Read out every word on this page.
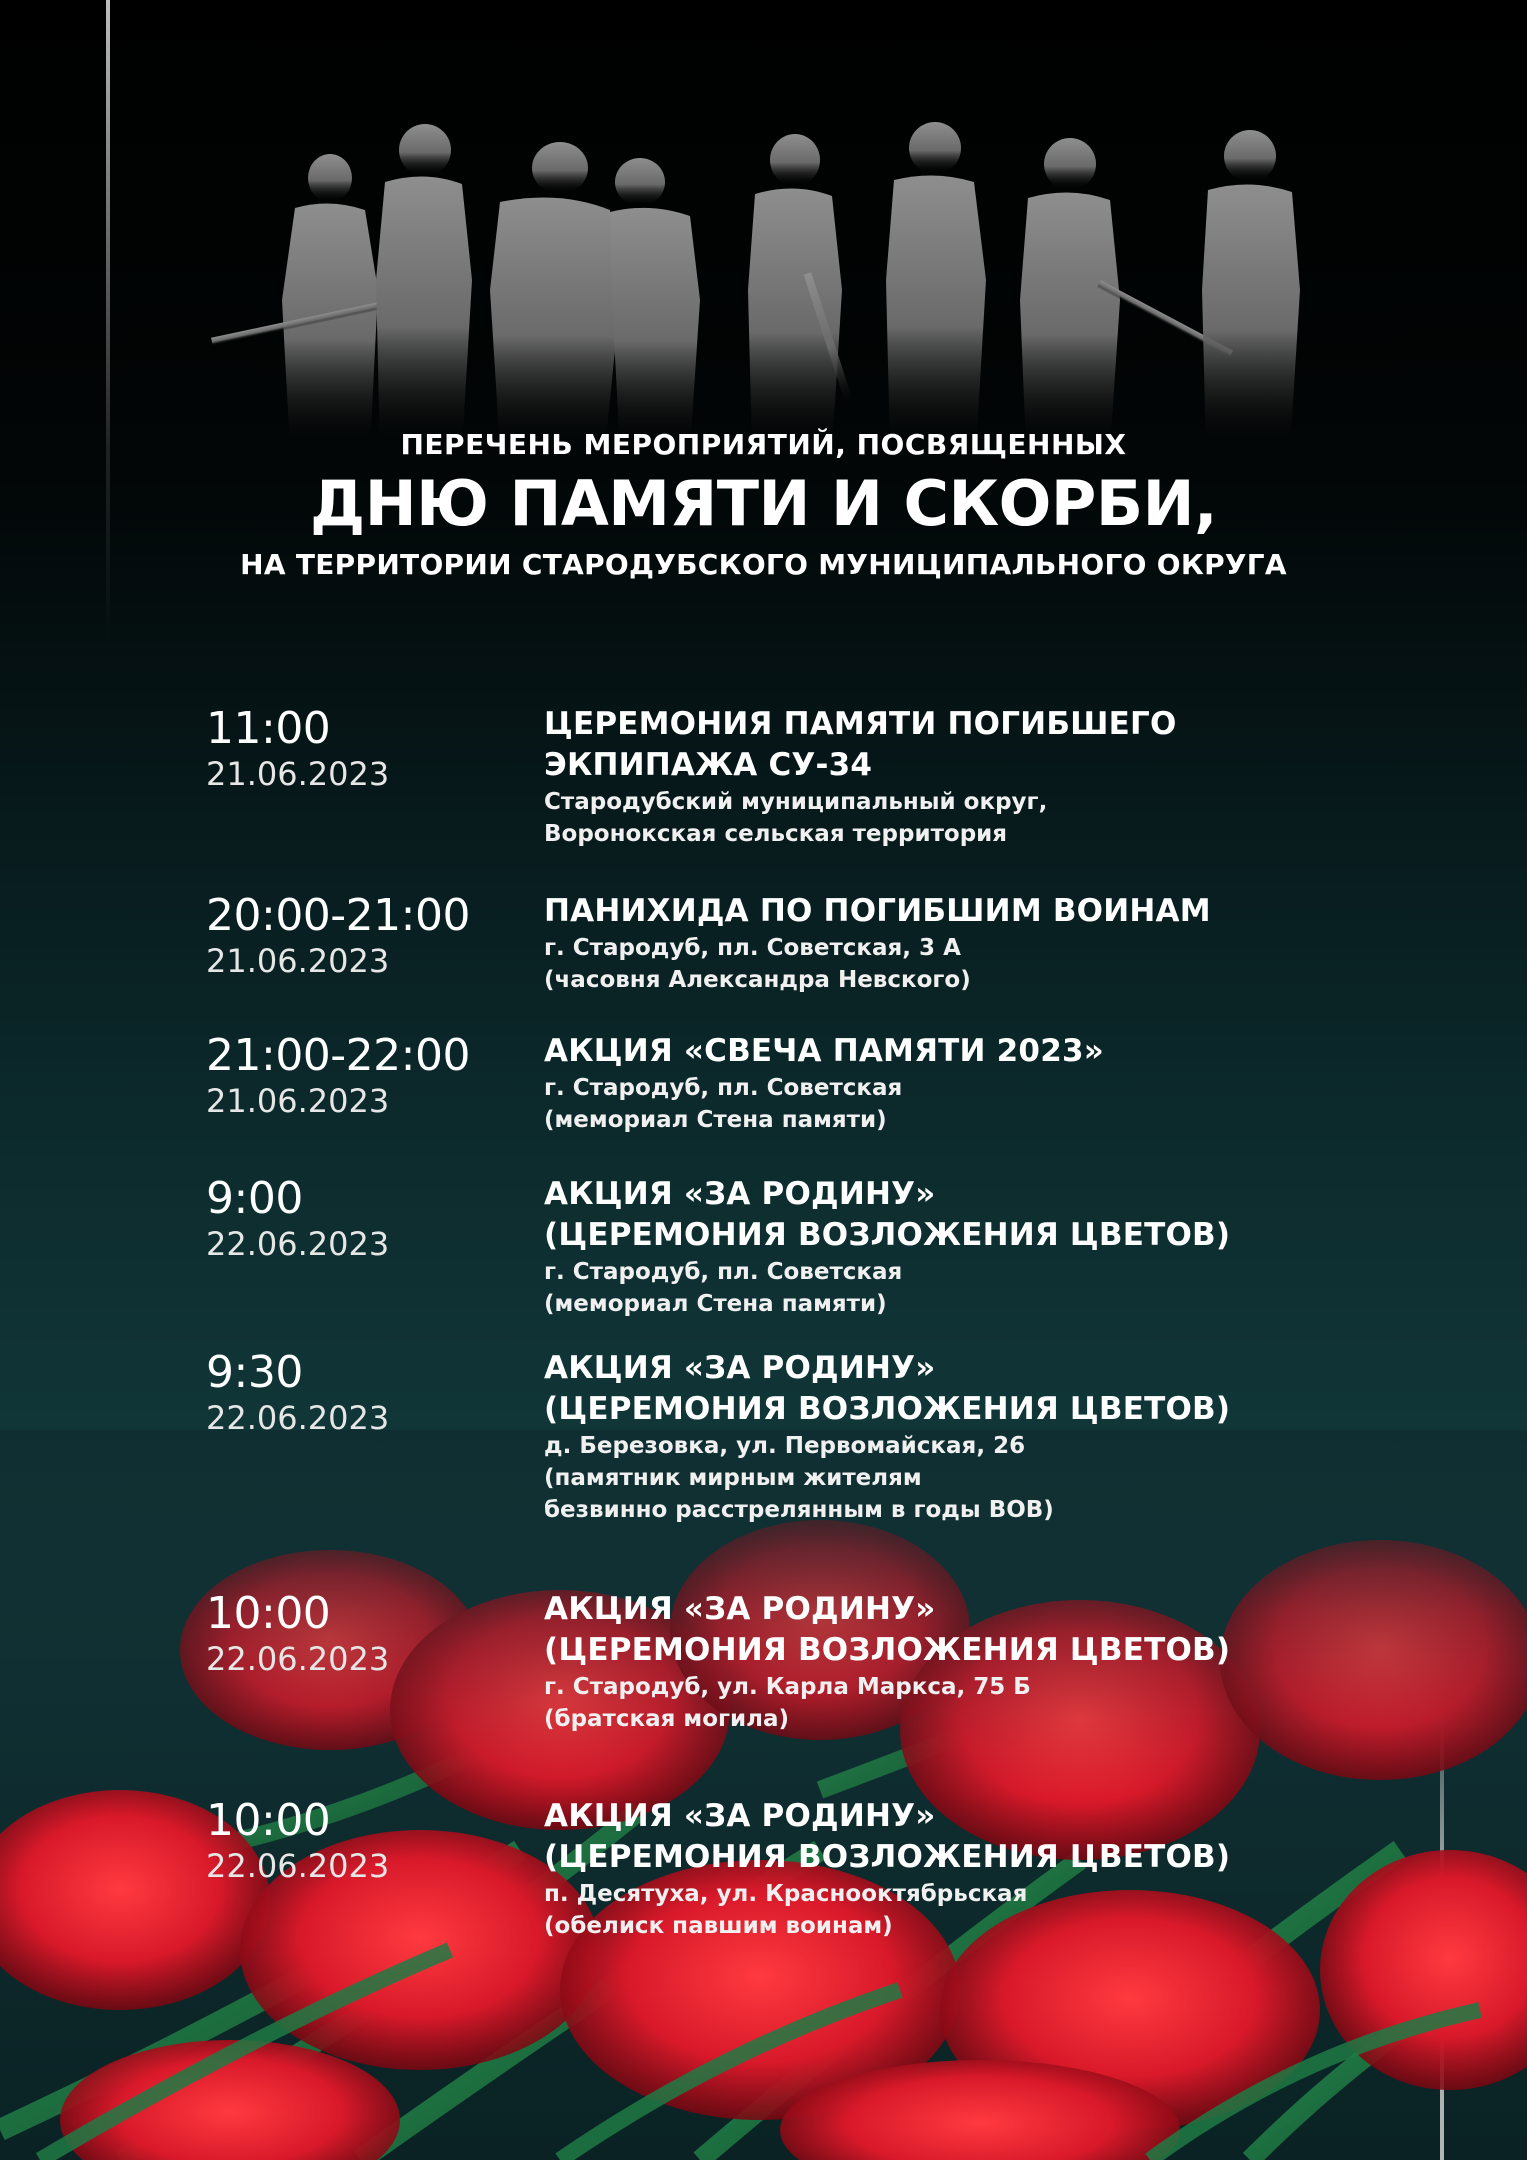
ПЕРЕЧЕНЬ МЕРОПРИЯТИЙ, ПОСВЯЩЕННЫХ
ДНЮ ПАМЯТИ И СКОРБИ,
НА ТЕРРИТОРИИ СТАРОДУБСКОГО МУНИЦИПАЛЬНОГО ОКРУГА
11:00
21.06.2023
ЦЕРЕМОНИЯ ПАМЯТИ ПОГИБШЕГО
ЭКПИПАЖА СУ-34
Стародубский муниципальный округ,
Воронокская сельская территория
20:00-21:00
21.06.2023
ПАНИХИДА ПО ПОГИБШИМ ВОИНАМ
г. Стародуб, пл. Советская, 3 А
(часовня Александра Невского)
21:00-22:00
21.06.2023
АКЦИЯ «СВЕЧА ПАМЯТИ 2023»
г. Стародуб, пл. Советская
(мемориал Стена памяти)
9:00
22.06.2023
АКЦИЯ «ЗА РОДИНУ»
(ЦЕРЕМОНИЯ ВОЗЛОЖЕНИЯ ЦВЕТОВ)
г. Стародуб, пл. Советская
(мемориал Стена памяти)
9:30
22.06.2023
АКЦИЯ «ЗА РОДИНУ»
(ЦЕРЕМОНИЯ ВОЗЛОЖЕНИЯ ЦВЕТОВ)
д. Березовка, ул. Первомайская, 26
(памятник мирным жителям
безвинно расстрелянным в годы ВОВ)
10:00
22.06.2023
АКЦИЯ «ЗА РОДИНУ»
(ЦЕРЕМОНИЯ ВОЗЛОЖЕНИЯ ЦВЕТОВ)
г. Стародуб, ул. Карла Маркса, 75 Б
(братская могила)
10:00
22.06.2023
АКЦИЯ «ЗА РОДИНУ»
(ЦЕРЕМОНИЯ ВОЗЛОЖЕНИЯ ЦВЕТОВ)
п. Десятуха, ул. Краснооктябрьская
(обелиск павшим воинам)
